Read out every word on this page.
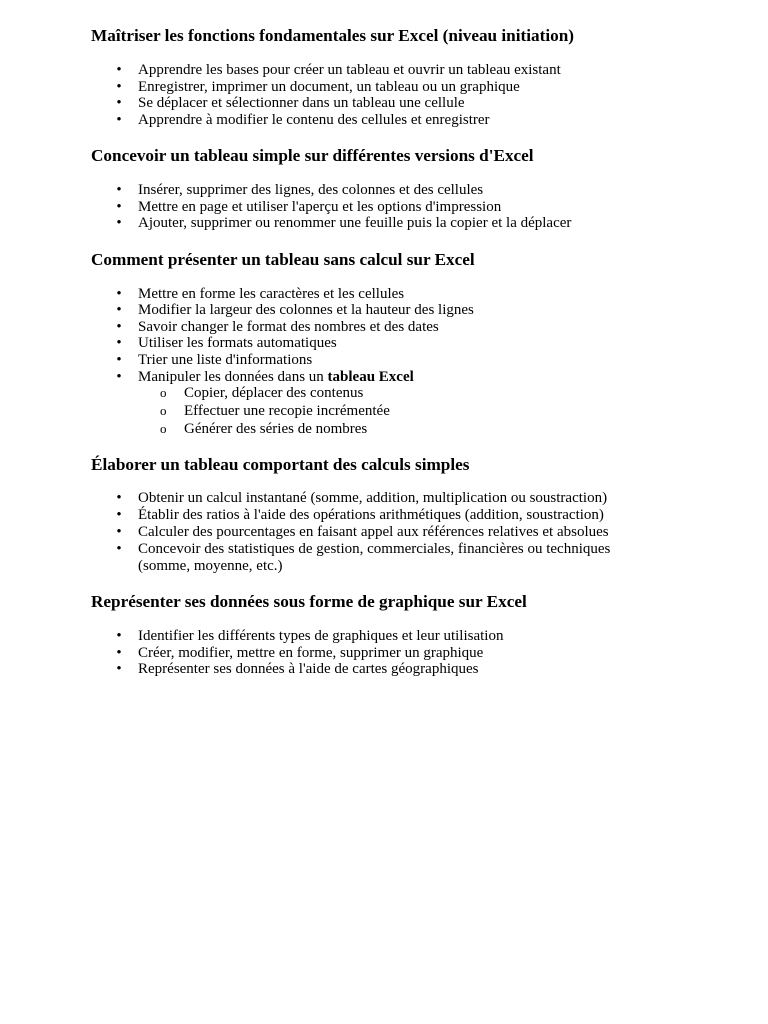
Maîtriser les fonctions fondamentales sur Excel (niveau initiation)
• Apprendre les bases pour créer un tableau et ouvrir un tableau existant
• Enregistrer, imprimer un document, un tableau ou un graphique
• Se déplacer et sélectionner dans un tableau une cellule
• Apprendre à modifier le contenu des cellules et enregistrer
Concevoir un tableau simple sur différentes versions d'Excel
• Insérer, supprimer des lignes, des colonnes et des cellules
• Mettre en page et utiliser l'aperçu et les options d'impression
• Ajouter, supprimer ou renommer une feuille puis la copier et la déplacer
Comment présenter un tableau sans calcul sur Excel
• Mettre en forme les caractères et les cellules
• Modifier la largeur des colonnes et la hauteur des lignes
• Savoir changer le format des nombres et des dates
• Utiliser les formats automatiques
• Trier une liste d'informations
• Manipuler les données dans un tableau Excel
o Copier, déplacer des contenus
o Effectuer une recopie incrémentée
o Générer des séries de nombres
Élaborer un tableau comportant des calculs simples
• Obtenir un calcul instantané (somme, addition, multiplication ou soustraction)
• Établir des ratios à l'aide des opérations arithmétiques (addition, soustraction)
• Calculer des pourcentages en faisant appel aux références relatives et absolues
• Concevoir des statistiques de gestion, commerciales, financières ou techniques
(somme, moyenne, etc.)
Représenter ses données sous forme de graphique sur Excel
• Identifier les différents types de graphiques et leur utilisation
• Créer, modifier, mettre en forme, supprimer un graphique
• Représenter ses données à l'aide de cartes géographiques
